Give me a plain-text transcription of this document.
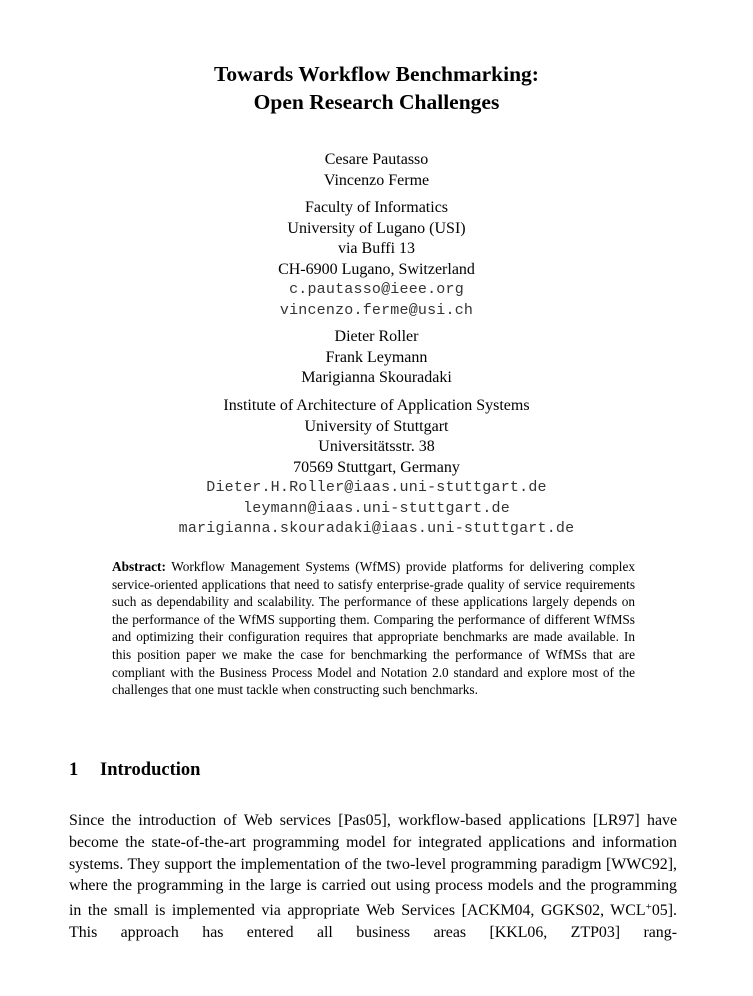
Towards Workflow Benchmarking:
Open Research Challenges
Cesare Pautasso
Vincenzo Ferme
Faculty of Informatics
University of Lugano (USI)
via Buffi 13
CH-6900 Lugano, Switzerland
c.pautasso@ieee.org
vincenzo.ferme@usi.ch
Dieter Roller
Frank Leymann
Marigianna Skouradaki
Institute of Architecture of Application Systems
University of Stuttgart
Universitätsstr. 38
70569 Stuttgart, Germany
Dieter.H.Roller@iaas.uni-stuttgart.de
leymann@iaas.uni-stuttgart.de
marigianna.skouradaki@iaas.uni-stuttgart.de
Abstract: Workflow Management Systems (WfMS) provide platforms for delivering complex service-oriented applications that need to satisfy enterprise-grade quality of service requirements such as dependability and scalability. The performance of these applications largely depends on the performance of the WfMS supporting them. Comparing the performance of different WfMSs and optimizing their configuration requires that appropriate benchmarks are made available. In this position paper we make the case for benchmarking the performance of WfMSs that are compliant with the Business Process Model and Notation 2.0 standard and explore most of the challenges that one must tackle when constructing such benchmarks.
1 Introduction
Since the introduction of Web services [Pas05], workflow-based applications [LR97] have become the state-of-the-art programming model for integrated applications and information systems. They support the implementation of the two-level programming paradigm [WWC92], where the programming in the large is carried out using process models and the programming in the small is implemented via appropriate Web Services [ACKM04, GGKS02, WCL+05]. This approach has entered all business areas [KKL06, ZTP03] rang-
